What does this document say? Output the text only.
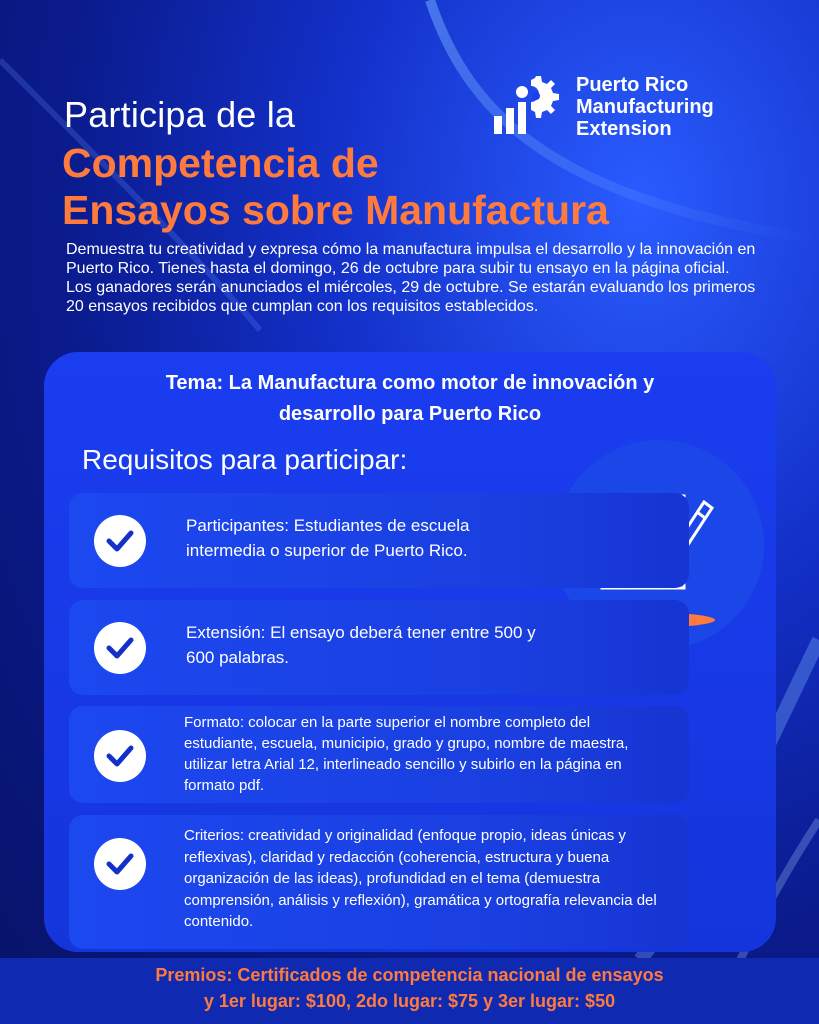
Participa de la
Competencia de
Ensayos sobre Manufactura
Puerto Rico
Manufacturing
Extension
Demuestra tu creatividad y expresa cómo la manufactura impulsa el desarrollo y la innovación en Puerto Rico. Tienes hasta el domingo, 26 de octubre para subir tu ensayo en la página oficial. Los ganadores serán anunciados el miércoles, 29 de octubre. Se estarán evaluando los primeros 20 ensayos recibidos que cumplan con los requisitos establecidos.
Tema: La Manufactura como motor de innovación y
desarrollo para Puerto Rico
Requisitos para participar:
Participantes: Estudiantes de escuela intermedia o superior de Puerto Rico.
Extensión: El ensayo deberá tener entre 500 y 600 palabras.
Formato: colocar en la parte superior el nombre completo del estudiante, escuela, municipio, grado y grupo, nombre de maestra, utilizar letra Arial 12, interlineado sencillo y subirlo en la página en formato pdf.
Criterios: creatividad y originalidad (enfoque propio, ideas únicas y reflexivas), claridad y redacción (coherencia, estructura y buena organización de las ideas), profundidad en el tema (demuestra comprensión, análisis y reflexión), gramática y ortografía relevancia del contenido.
Premios: Certificados de competencia nacional de ensayos
y 1er lugar: $100, 2do lugar: $75 y 3er lugar: $50
